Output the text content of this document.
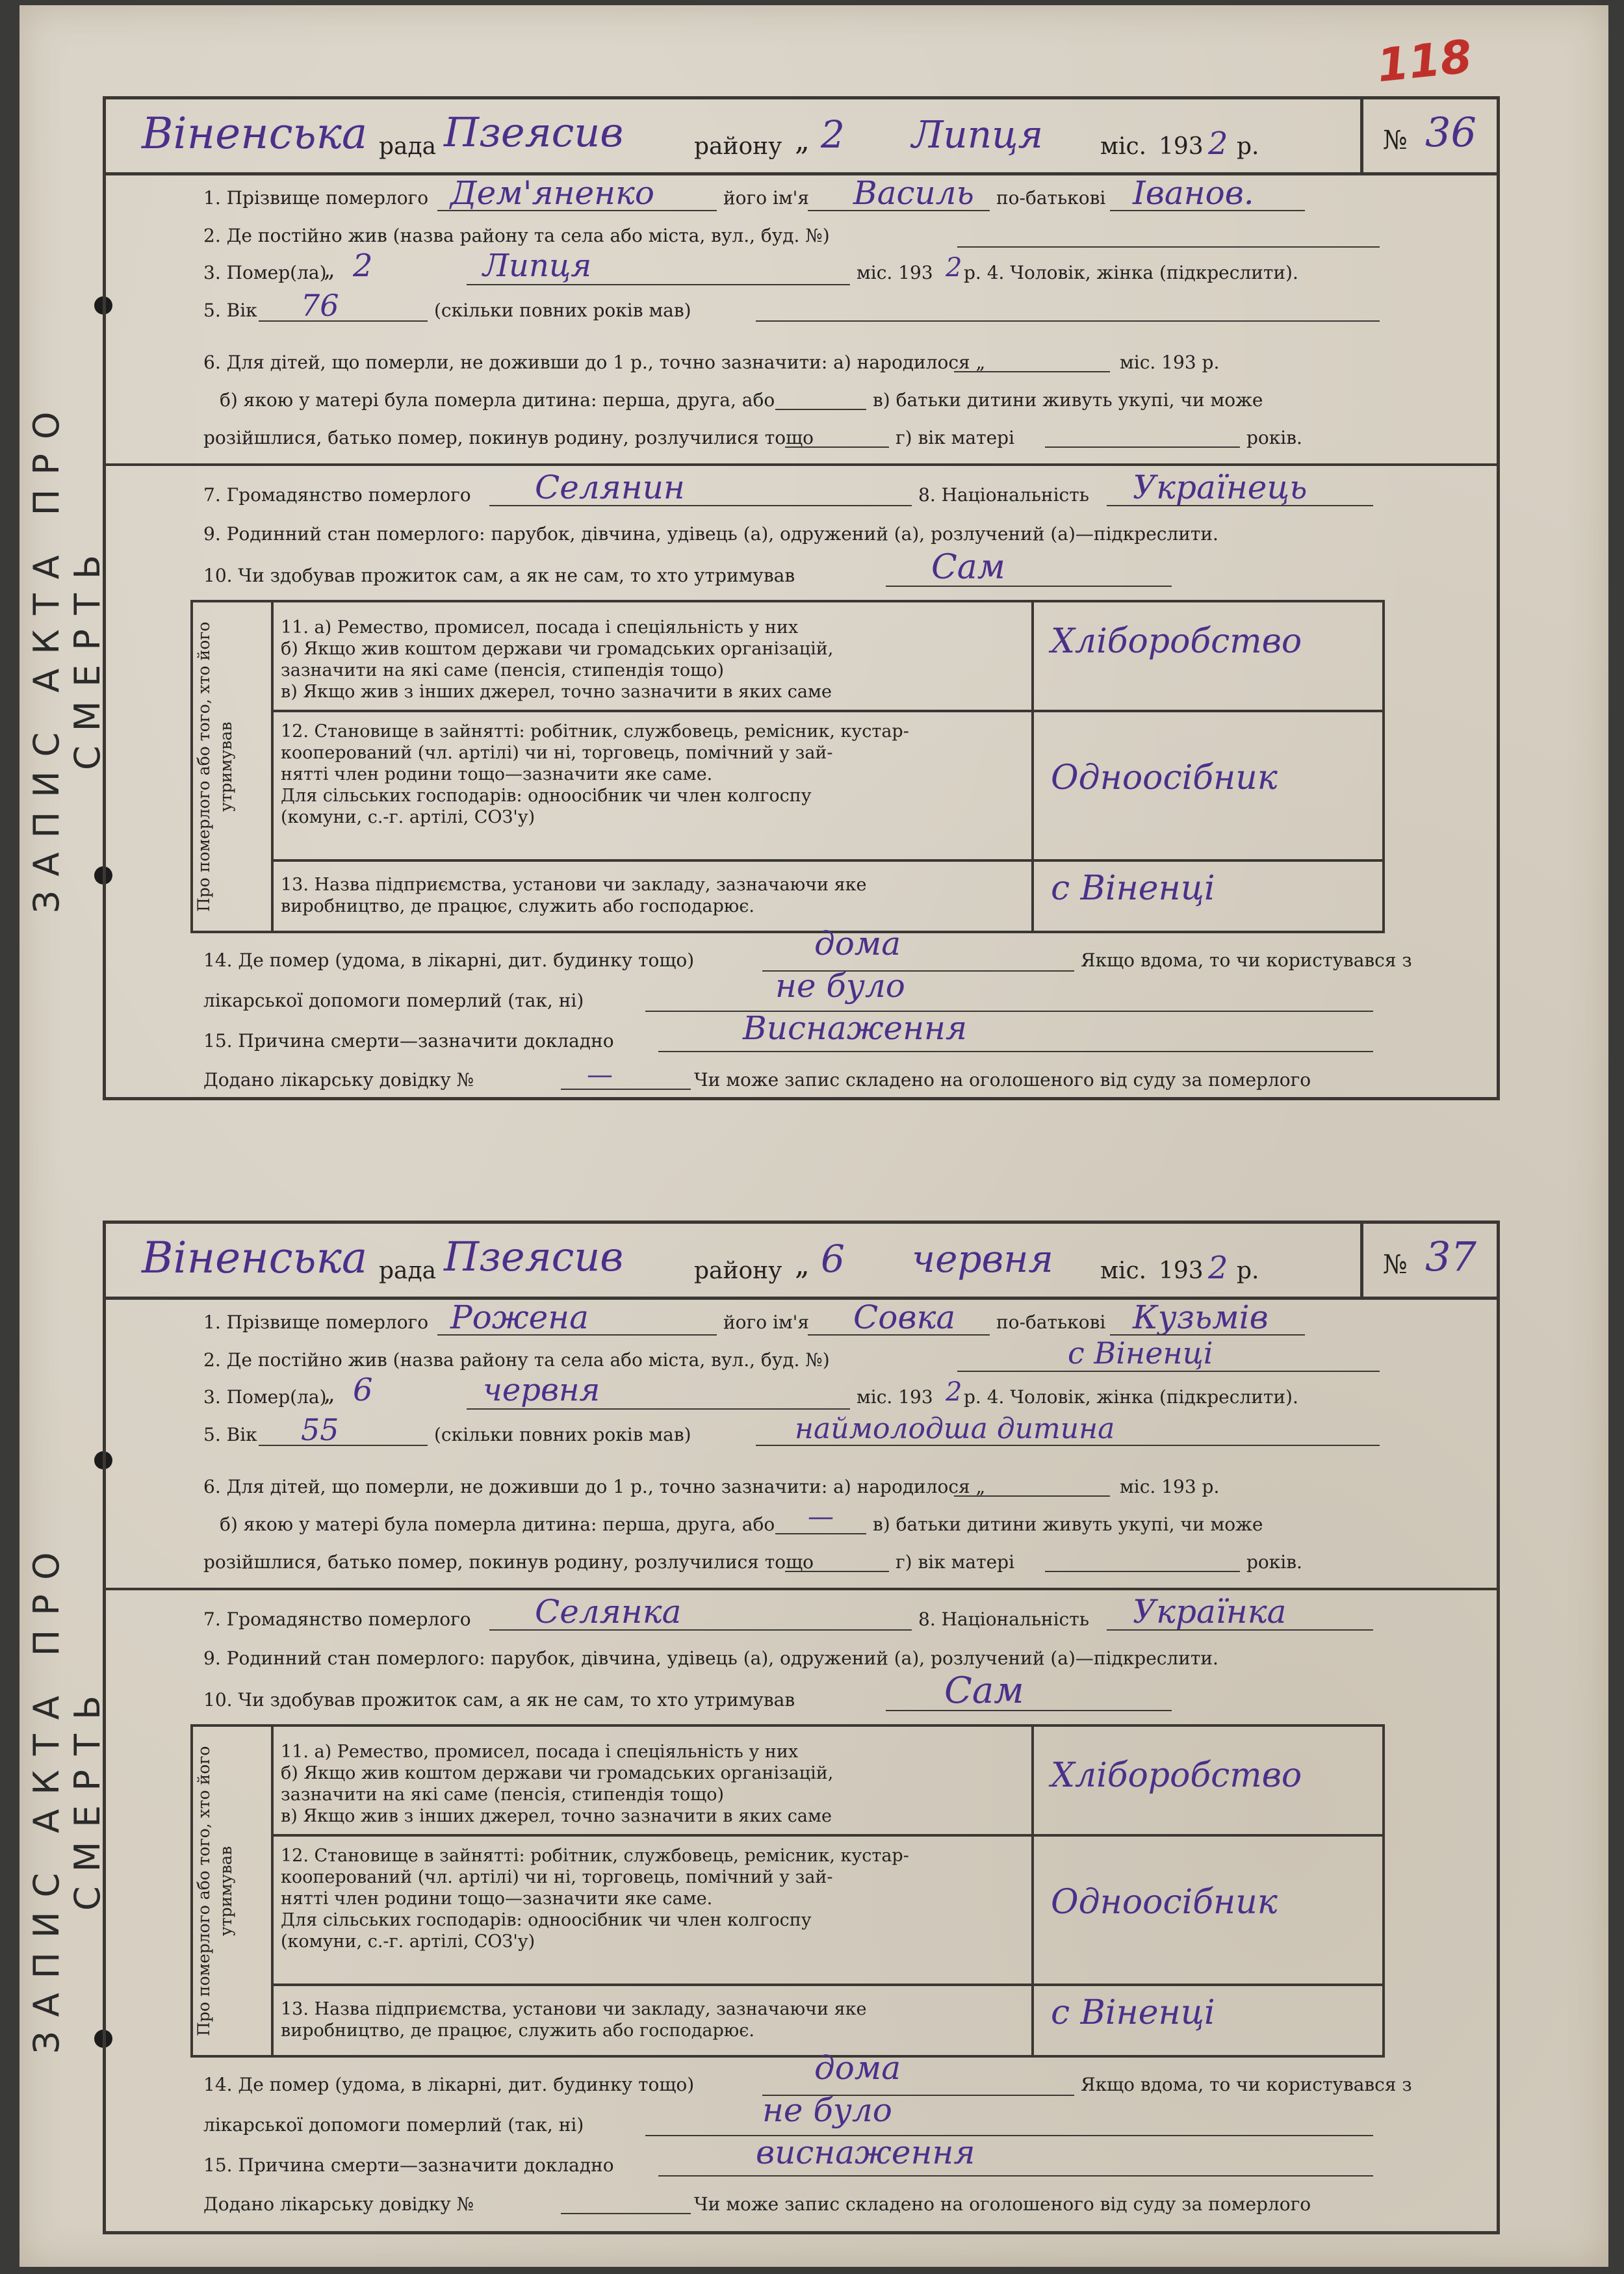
118
ЗАПИС АКТА ПРО СМЕРТЬ
Віненська рада Пзеясив	району „ 2 Липця міс. 193 2 р.	№ 36
1. Прізвище померлого Дем'яненко	його ім'я Василь по-батькові Іванов.
2. Де постійно жив (назва району та села або міста, вул., буд. №)
3. Помер(ла)
„ 2	Липця	міс. 193 2 р. 4. Чоловік, жінка (підкреслити).
5. Вік 76	(скільки повних років мав)
6. Для дітей, що померли, не доживши до 1 р., точно зазначити: а) народилося „	міс. 193 р.
б) якою у матері була померла дитина: перша, друга, або	в) батьки дитини живуть укупі, чи може
розійшлися, батько помер, покинув родину, розлучилися тощо	г) вік матері	років.
7. Громадянство померлого Селянин	8. Національність Українець
9. Родинний стан померлого: парубок, дівчина, удівець (а), одружений (а), розлучений (а)—підкреслити.
10. Чи здобував прожиток сам, а як не сам, то хто утримував	Сам
Про померлого або того, хто його утримував
11. а) Ремество, промисел, посада і спеціяльність у них
б) Якщо жив коштом держави чи громадських організацій,
зазначити на які саме (пенсія, стипендія тощо)
в) Якщо жив з інших джерел, точно зазначити в яких саме
Хліборобство
12. Становище в зайнятті: робітник, службовець, ремісник, кустар-
кооперований (чл. артілі) чи ні, торговець, помічний у зай-
нятті член родини тощо—зазначити яке саме.
Для сільських господарів: одноосібник чи член колгоспу
(комуни, с.-г. артілі, СОЗ'у)
Одноосібник
13. Назва підприємства, установи чи закладу, зазначаючи яке
виробництво, де працює, служить або господарює.	с Віненці
14. Де помер (удома, в лікарні, дит. будинку тощо)	дома	Якщо вдома, то чи користувався з
лікарської допомоги померлий (так, ні)	не було
15. Причина смерти—зазначити докладно	Виснаження
Додано лікарську довідку №	—	Чи може запис складено на оголошеного від суду за померлого
ЗАПИС АКТА ПРО СМЕРТЬ
Віненська рада Пзеясив	району „ 6 червня міс. 193 2 р.	№ 37
1. Прізвище померлого Рожена	його ім'я Совка по-батькові Кузьмів
2. Де постійно жив (назва району та села або міста, вул., буд. №)	с Віненці
3. Помер(ла)
„ 6	червня	міс. 193 2 р. 4. Чоловік, жінка (підкреслити).
5. Вік 55	(скільки повних років мав)	наймолодша дитина
6. Для дітей, що померли, не доживши до 1 р., точно зазначити: а) народилося „	міс. 193 р.
б) якою у матері була померла дитина: перша, друга, або — в) батьки дитини живуть укупі, чи може
розійшлися, батько помер, покинув родину, розлучилися тощо	г) вік матері	років.
7. Громадянство померлого Селянка	8. Національність Українка
9. Родинний стан померлого: парубок, дівчина, удівець (а), одружений (а), розлучений (а)—підкреслити.
10. Чи здобував прожиток сам, а як не сам, то хто утримував	Сам
Про померлого або того, хто його утримував
11. а) Ремество, промисел, посада і спеціяльність у них
б) Якщо жив коштом держави чи громадських організацій,
зазначити на які саме (пенсія, стипендія тощо)
в) Якщо жив з інших джерел, точно зазначити в яких саме
Хліборобство
12. Становище в зайнятті: робітник, службовець, ремісник, кустар-
кооперований (чл. артілі) чи ні, торговець, помічний у зай-
нятті член родини тощо—зазначити яке саме.
Для сільських господарів: одноосібник чи член колгоспу
(комуни, с.-г. артілі, СОЗ'у)
Одноосібник
13. Назва підприємства, установи чи закладу, зазначаючи яке
виробництво, де працює, служить або господарює.	с Віненці
14. Де помер (удома, в лікарні, дит. будинку тощо)	дома	Якщо вдома, то чи користувався з
лікарської допомоги померлий (так, ні)	не було
15. Причина смерти—зазначити докладно	виснаження
Додано лікарську довідку №	Чи може запис складено на оголошеного від суду за померлого
